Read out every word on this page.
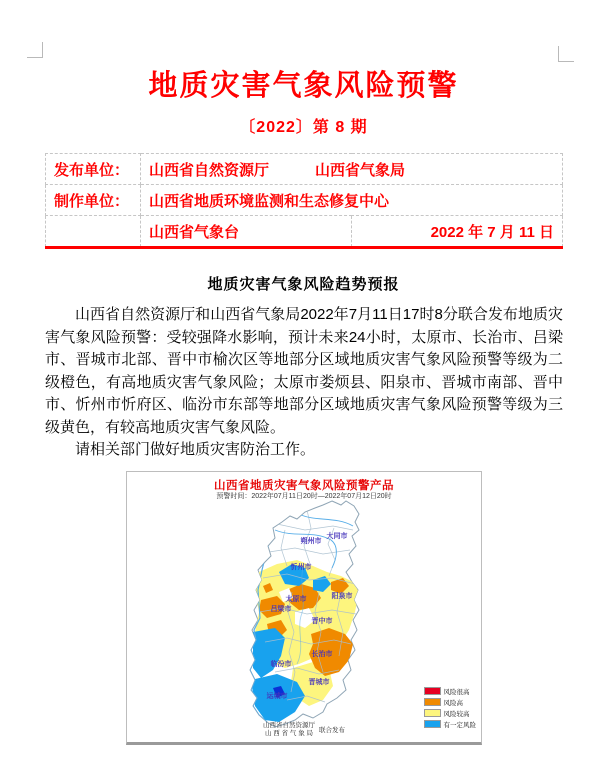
地质灾害气象风险预警
〔2022〕第 8 期
发布单位：	山西省自然资源厅 山西省气象局	
制作单位：	山西省地质环境监测和生态修复中心	
	山西省气象台	2022 年 7 月 11 日
地质灾害气象风险趋势预报

山西省自然资源厅和山西省气象局2022年7月11日17时8分联合发布地质灾害气象风险预警：受较强降水影响，预计未来24小时，太原市、长治市、吕梁市、晋城市北部、晋中市榆次区等地部分区域地质灾害气象风险预警等级为二级橙色，有高地质灾害气象风险；太原市娄烦县、阳泉市、晋城市南部、晋中市、忻州市忻府区、临汾市东部等地部分区域地质灾害气象风险预警等级为三级黄色，有较高地质灾害气象风险。

请相关部门做好地质灾害防治工作。

山西省地质灾害气象风险预警产品
预警时间：2022年07月11日20时—2022年07月12日20时
朔州市
大同市
忻州市
太原市	阳泉市
吕梁市
晋中市
长治市
临汾市
晋城市
运城市
风险很高
风险高
风险较高
有一定风险
山西省自然资源厅
山 西 省 气 象 局 联合发布
